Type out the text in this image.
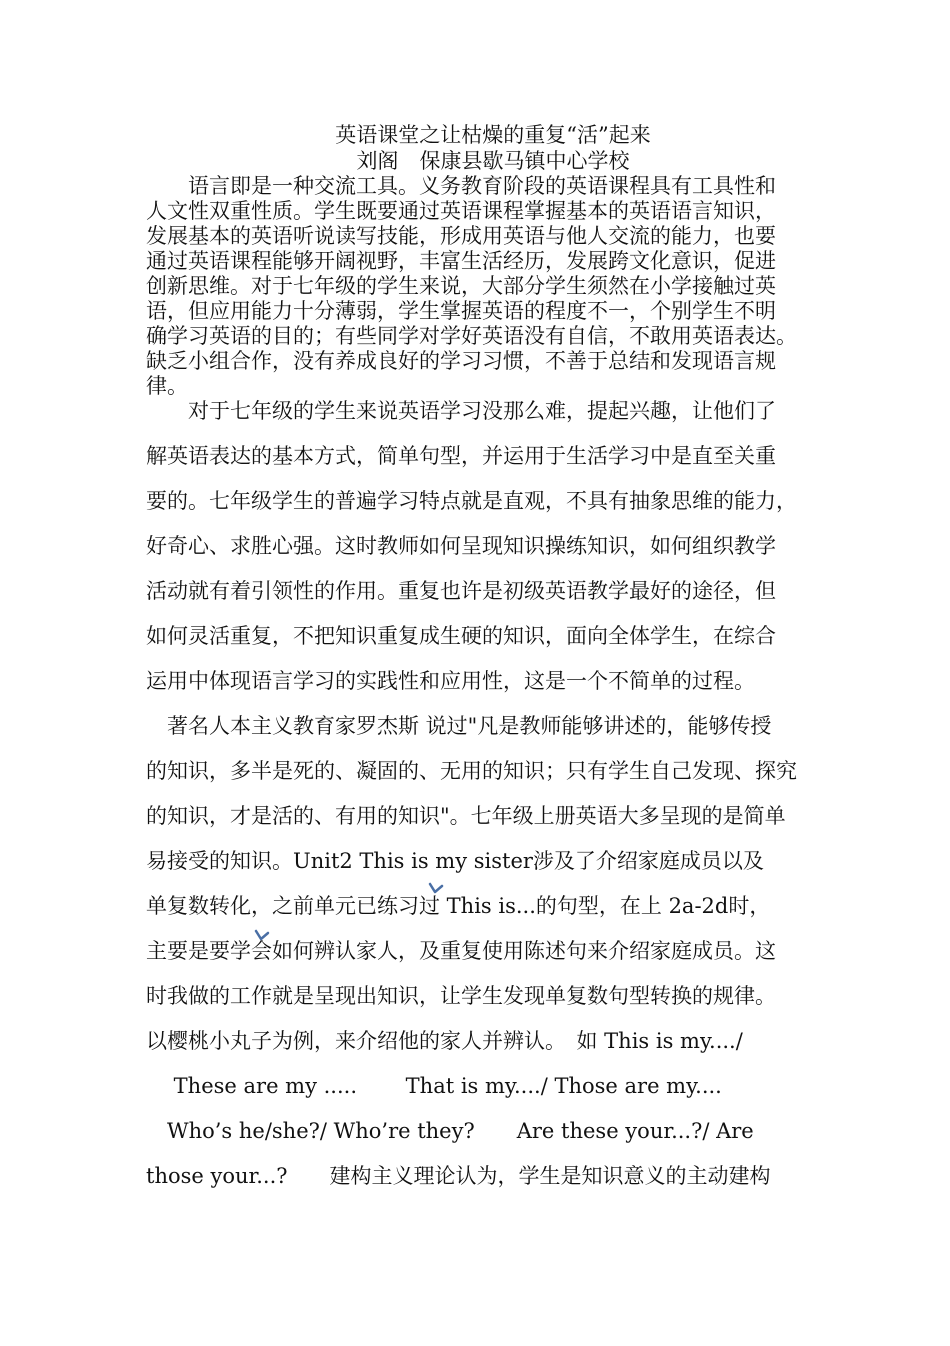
英语课堂之让枯燥的重复“活”起来
刘阁　保康县歇马镇中心学校
　　语言即是一种交流工具。义务教育阶段的英语课程具有工具性和
人文性双重性质。学生既要通过英语课程掌握基本的英语语言知识，
发展基本的英语听说读写技能，形成用英语与他人交流的能力，也要
通过英语课程能够开阔视野，丰富生活经历，发展跨文化意识，促进
创新思维。对于七年级的学生来说，大部分学生须然在小学接触过英
语，但应用能力十分薄弱，学生掌握英语的程度不一，个别学生不明
确学习英语的目的；有些同学对学好英语没有自信，不敢用英语表达。
缺乏小组合作，没有养成良好的学习习惯，不善于总结和发现语言规
律。
　　对于七年级的学生来说英语学习没那么难，提起兴趣，让他们了
解英语表达的基本方式，简单句型，并运用于生活学习中是直至关重
要的。七年级学生的普遍学习特点就是直观，不具有抽象思维的能力，
好奇心、求胜心强。这时教师如何呈现知识操练知识，如何组织教学
活动就有着引领性的作用。重复也许是初级英语教学最好的途径，但
如何灵活重复，不把知识重复成生硬的知识，面向全体学生，在综合
运用中体现语言学习的实践性和应用性，这是一个不简单的过程。
　著名人本主义教育家罗杰斯 说过"凡是教师能够讲述的，能够传授
的知识，多半是死的、凝固的、无用的知识；只有学生自己发现、探究
的知识，才是活的、有用的知识"。七年级上册英语大多呈现的是简单
易接受的知识。Unit2 This is my sister涉及了介绍家庭成员以及
单复数转化，之前单元已练习过 This is...的句型，在上 2a-2d时，
主要是要学会如何辨认家人，及重复使用陈述句来介绍家庭成员。这
时我做的工作就是呈现出知识，让学生发现单复数句型转换的规律。
以樱桃小丸子为例，来介绍他的家人并辨认。　如 This is my..../
　 These are my .....　　 That is my..../ Those are my....
　Who’s he/she?/ Who’re they?　　Are these your...?/ Are
those your...?　　建构主义理论认为，学生是知识意义的主动建构
